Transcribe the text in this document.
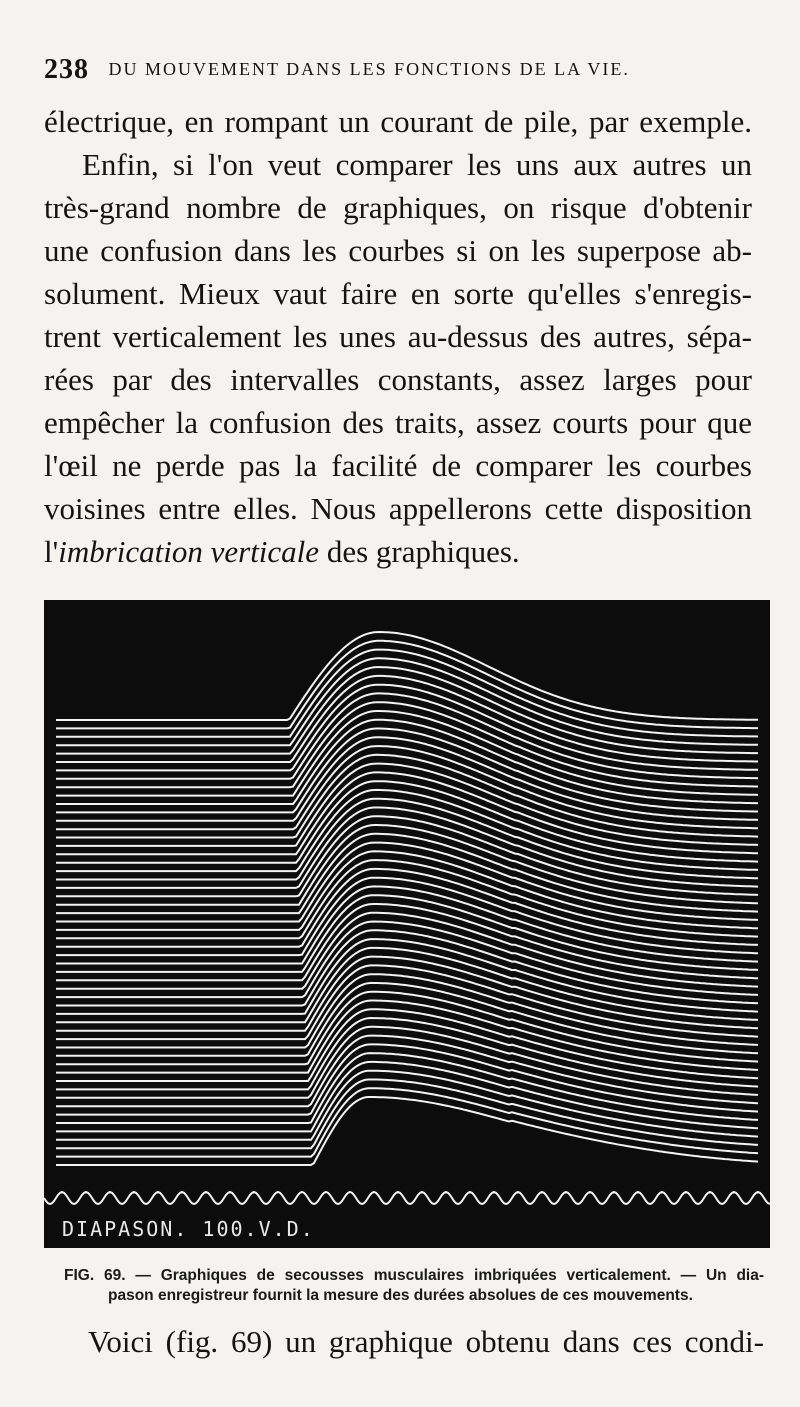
238 DU MOUVEMENT DANS LES FONCTIONS DE LA VIE.
électrique, en rompant un courant de pile, par exemple.
Enfin, si l'on veut comparer les uns aux autres un
très-grand nombre de graphiques, on risque d'obtenir
une confusion dans les courbes si on les superpose ab-
solument. Mieux vaut faire en sorte qu'elles s'enregis-
trent verticalement les unes au-dessus des autres, sépa-
rées par des intervalles constants, assez larges pour
empêcher la confusion des traits, assez courts pour que
l'œil ne perde pas la facilité de comparer les courbes
voisines entre elles. Nous appellerons cette disposition
l'imbrication verticale des graphiques.
DIAPASON. 100.V.D.
FIG. 69. — Graphiques de secousses musculaires imbriquées verticalement. — Un dia-
pason enregistreur fournit la mesure des durées absolues de ces mouvements.
Voici (fig. 69) un graphique obtenu dans ces condi-
